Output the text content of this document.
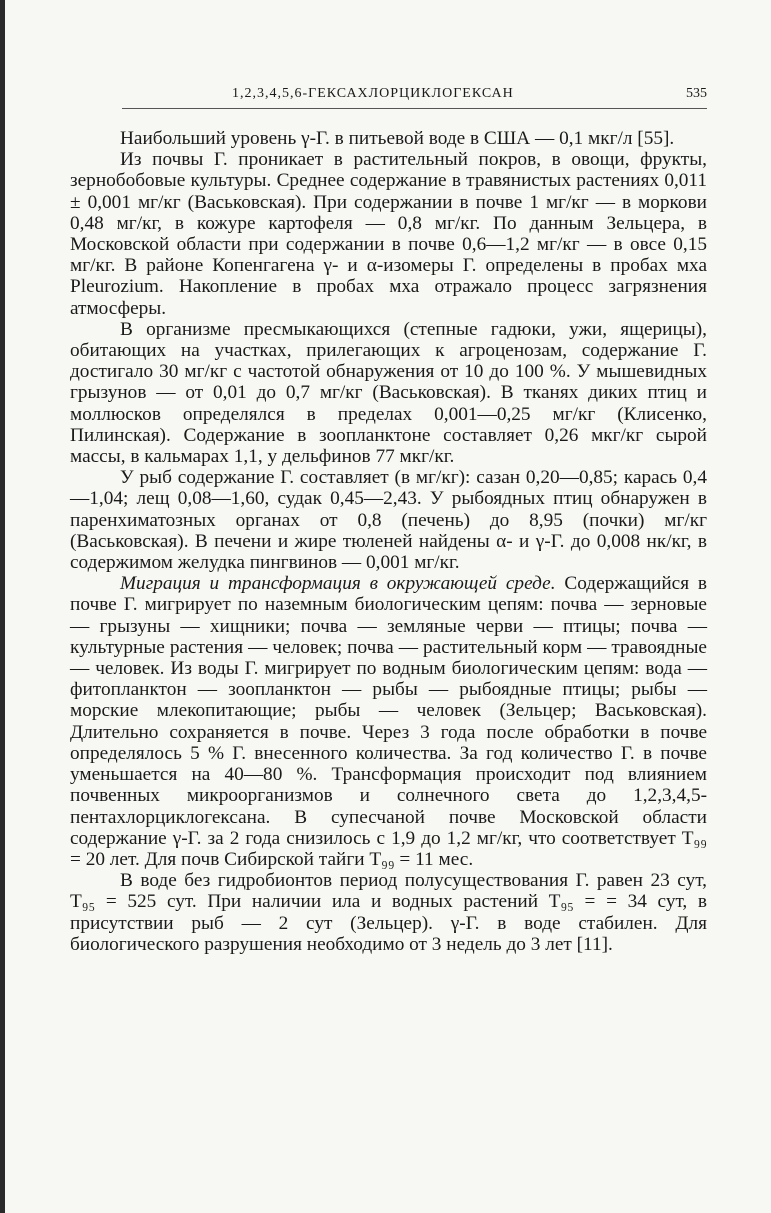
1,2,3,4,5,6-ГЕКСАХЛОРЦИКЛОГЕКСАН	535

Наибольший уровень γ-Г. в питьевой воде в США — 0,1 мкг/л [55].

Из почвы Г. проникает в растительный покров, в овощи, фрукты, зернобобовые культуры. Среднее содержание в травянистых растениях 0,011 ± 0,001 мг/кг (Васьковская). При содержании в почве 1 мг/кг — в моркови 0,48 мг/кг, в кожуре картофеля — 0,8 мг/кг. По данным Зельцера, в Московской области при содержании в почве 0,6—1,2 мг/кг — в овсе 0,15 мг/кг. В районе Копенгагена γ- и α-изомеры Г. определены в пробах мха Pleurozium. Накопление в пробах мха отражало процесс загрязнения атмосферы.

В организме пресмыкающихся (степные гадюки, ужи, ящерицы), обитающих на участках, прилегающих к агроценозам, содержание Г. достигало 30 мг/кг с частотой обнаружения от 10 до 100 %. У мышевидных грызунов — от 0,01 до 0,7 мг/кг (Васьковская). В тканях диких птиц и моллюсков определялся в пределах 0,001—0,25 мг/кг (Клисенко, Пилинская). Содержание в зоопланктоне составляет 0,26 мкг/кг сырой массы, в кальмарах 1,1, у дельфинов 77 мкг/кг.

У рыб содержание Г. составляет (в мг/кг): сазан 0,20—0,85; карась 0,4—1,04; лещ 0,08—1,60, судак 0,45—2,43. У рыбоядных птиц обнаружен в паренхиматозных органах от 0,8 (печень) до 8,95 (почки) мг/кг (Васьковская). В печени и жире тюленей найдены α- и γ-Г. до 0,008 нк/кг, в содержимом желудка пингвинов — 0,001 мг/кг.

Миграция и трансформация в окружающей среде. Содержащийся в почве Г. мигрирует по наземным биологическим цепям: почва — зерновые — грызуны — хищники; почва — земляные черви — птицы; почва — культурные растения — человек; почва — растительный корм — травоядные — человек. Из воды Г. мигрирует по водным биологическим цепям: вода — фитопланктон — зоопланктон — рыбы — рыбоядные птицы; рыбы — морские млекопитающие; рыбы — человек (Зельцер; Васьковская). Длительно сохраняется в почве. Через 3 года после обработки в почве определялось 5 % Г. внесенного количества. За год количество Г. в почве уменьшается на 40—80 %. Трансформация происходит под влиянием почвенных микроорганизмов и солнечного света до 1,2,3,4,5-пентахлорциклогексана. В супесчаной почве Московской области содержание γ-Г. за 2 года снизилось с 1,9 до 1,2 мг/кг, что соответствует T₉₉ = 20 лет. Для почв Сибирской тайги T₉₉ = 11 мес.

В воде без гидробионтов период полусуществования Г. равен 23 сут, T₉₅ = 525 сут. При наличии ила и водных растений T₉₅ = = 34 сут, в присутствии рыб — 2 сут (Зельцер). γ-Г. в воде стабилен. Для биологического разрушения необходимо от 3 недель до 3 лет [11].
